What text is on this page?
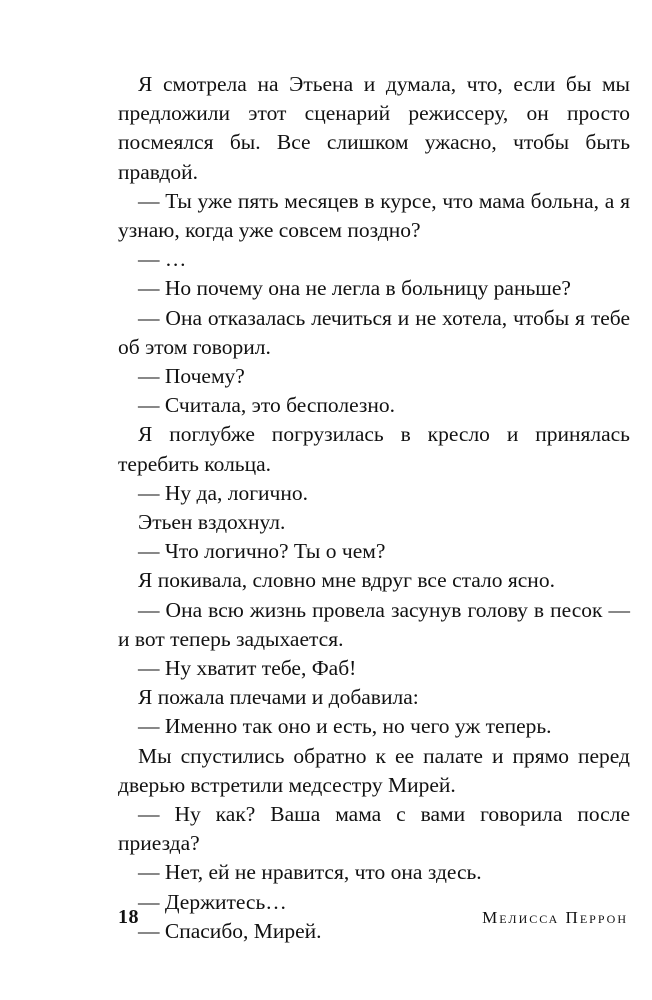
Я смотрела на Этьена и думала, что, если бы мы предложили этот сценарий режиссеру, он просто посмеялся бы. Все слишком ужасно, чтобы быть правдой.

— Ты уже пять месяцев в курсе, что мама больна, а я узнаю, когда уже совсем поздно?

— …

— Но почему она не легла в больницу раньше?

— Она отказалась лечиться и не хотела, чтобы я тебе об этом говорил.

— Почему?

— Считала, это бесполезно.

Я поглубже погрузилась в кресло и принялась теребить кольца.

— Ну да, логично.

Этьен вздохнул.

— Что логично? Ты о чем?

Я покивала, словно мне вдруг все стало ясно.

— Она всю жизнь провела засунув голову в песок — и вот теперь задыхается.

— Ну хватит тебе, Фаб!

Я пожала плечами и добавила:

— Именно так оно и есть, но чего уж теперь.

Мы спустились обратно к ее палате и прямо перед дверью встретили медсестру Мирей.

— Ну как? Ваша мама с вами говорила после приезда?

— Нет, ей не нравится, что она здесь.

— Держитесь…

— Спасибо, Мирей.

18	Мелисса Перрон
